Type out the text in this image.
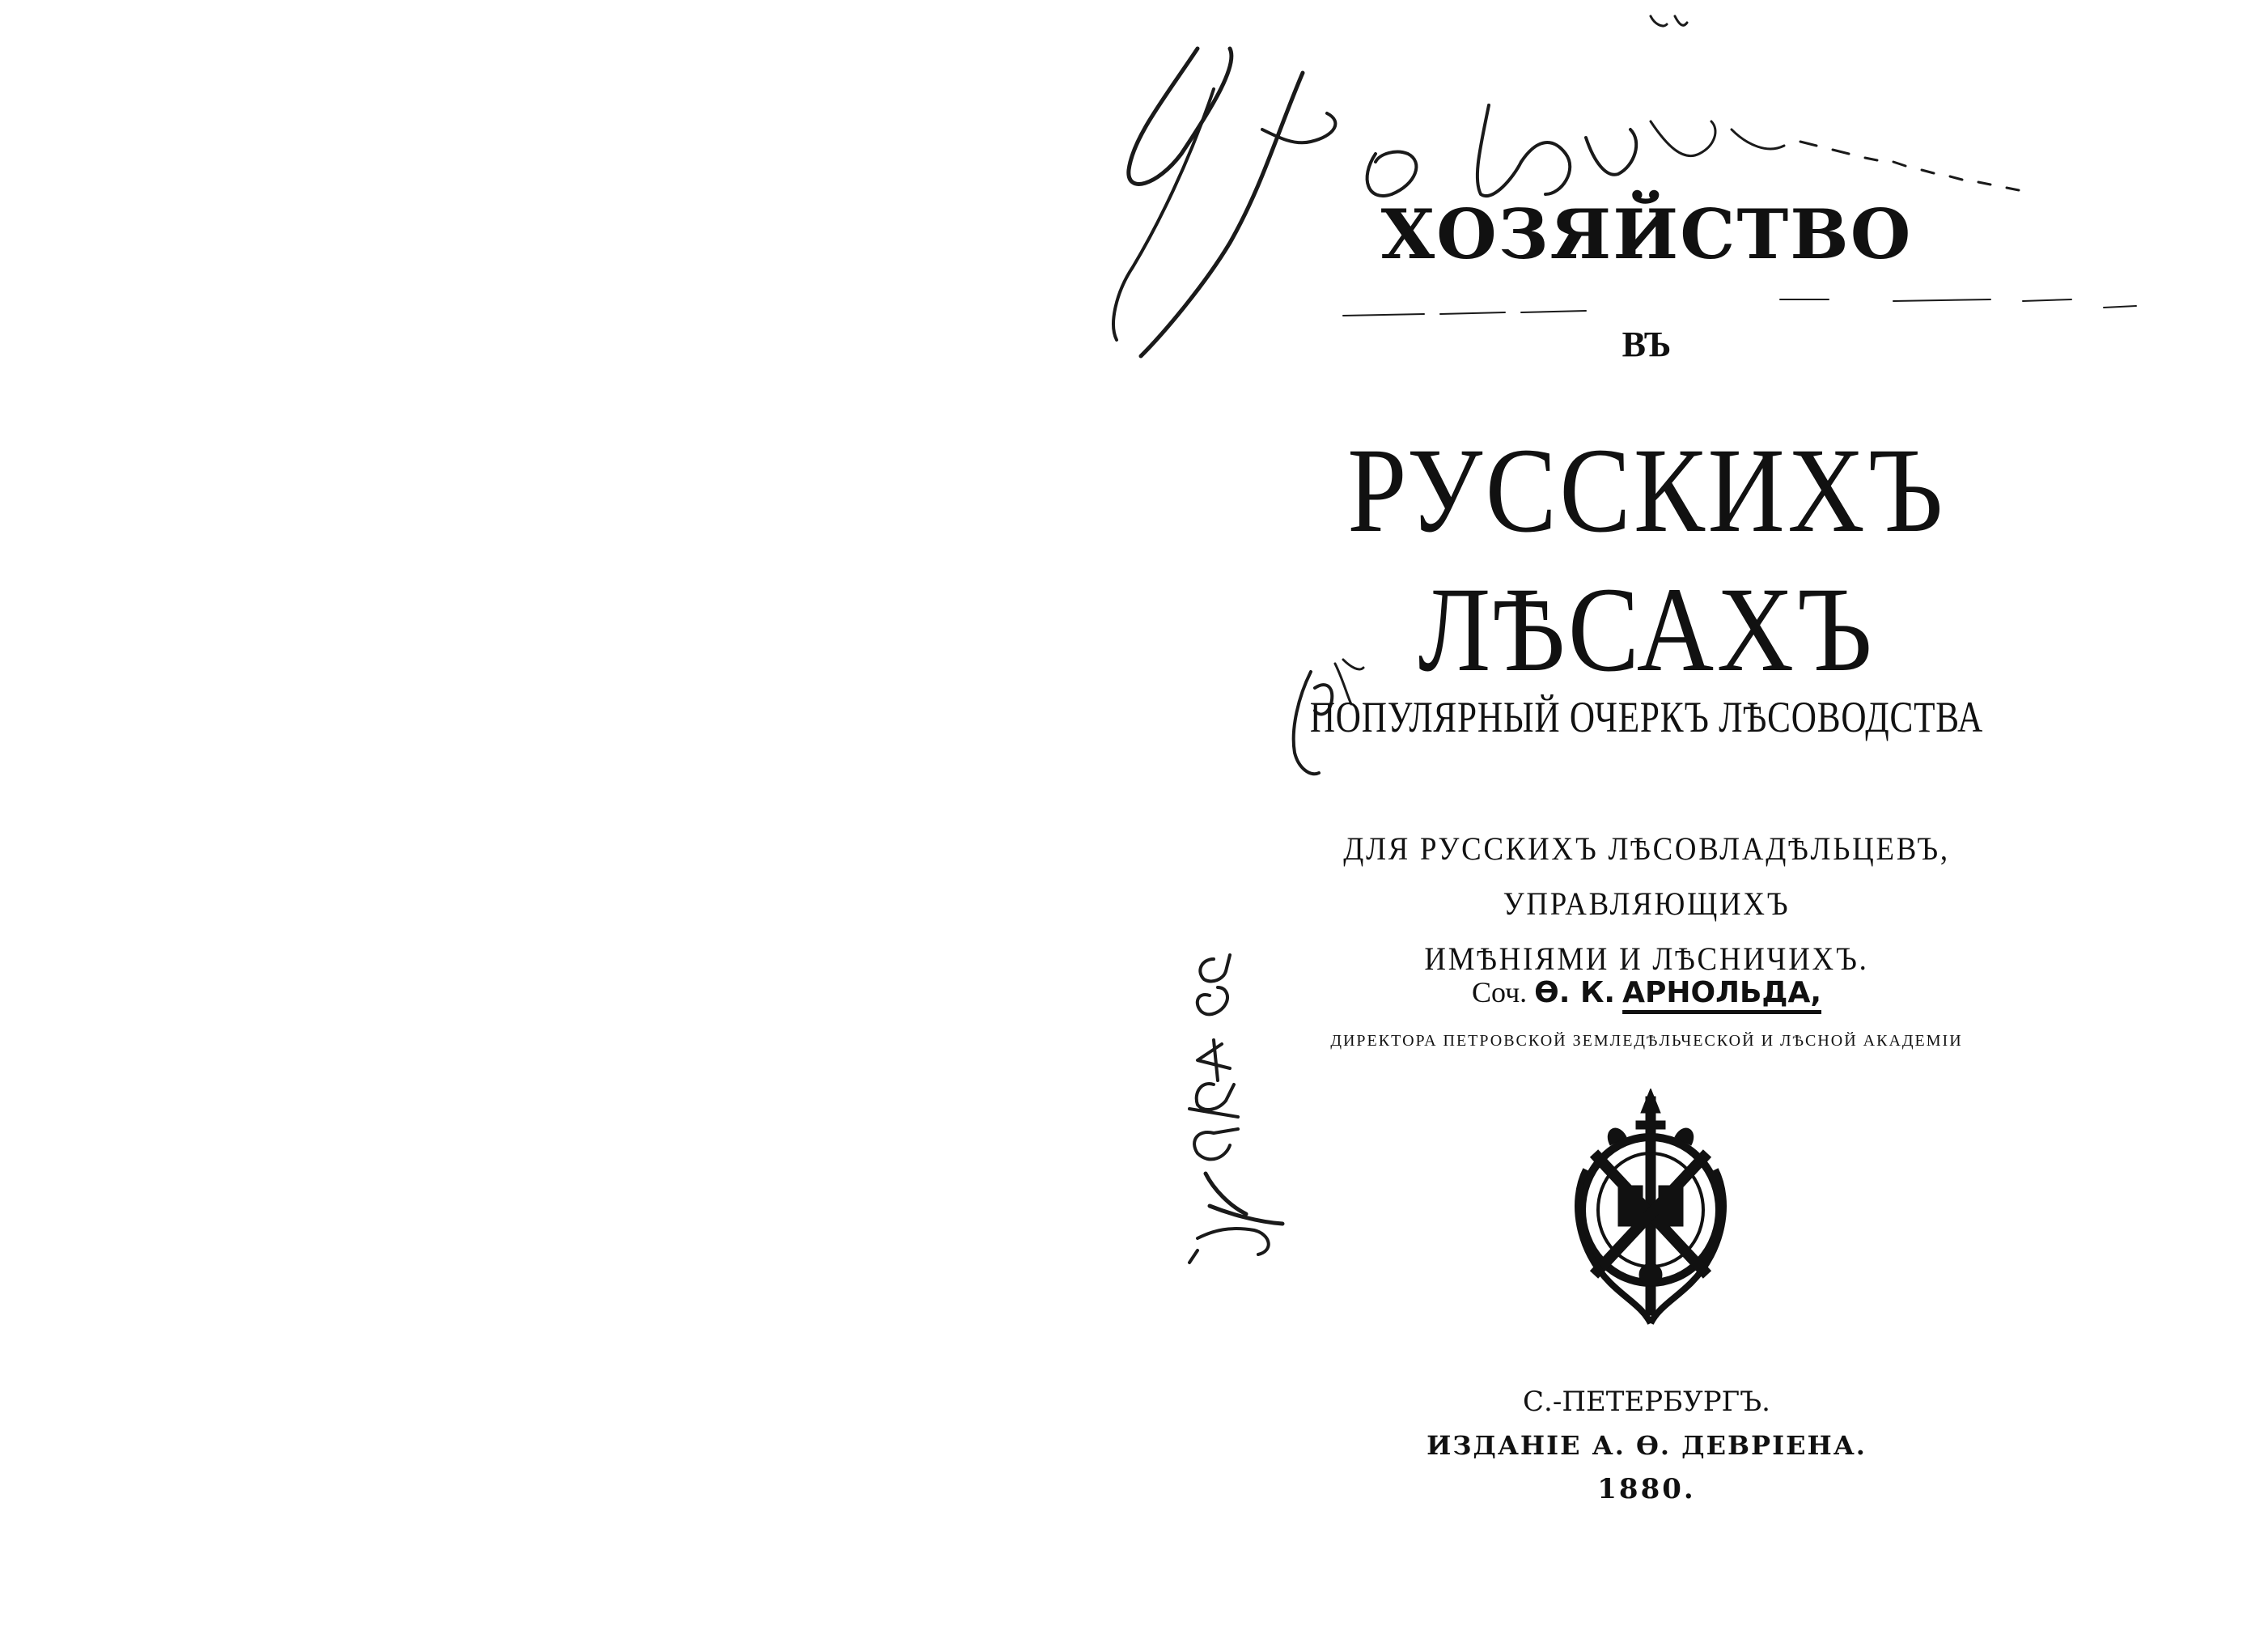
ХОЗЯЙСТВО
ВЪ
РУССКИХЪ ЛѢСАХЪ
ПОПУЛЯРНЫЙ ОЧЕРКЪ ЛѢСОВОДСТВА
ДЛЯ РУССКИХЪ ЛѢСОВЛАДѢЛЬЦЕВЪ, УПРАВЛЯЮЩИХЪ
ИМѢНІЯМИ И ЛѢСНИЧИХЪ.
Соч. Ѳ. К. АРНОЛЬДА,
ДИРЕКТОРА ПЕТРОВСКОЙ ЗЕМЛЕДѢЛЬЧЕСКОЙ И ЛѢСНОЙ АКАДЕМІИ
С.-ПЕТЕРБУРГЪ.
ИЗДАНІЕ А. Ѳ. ДЕВРІЕНА.
1880.
